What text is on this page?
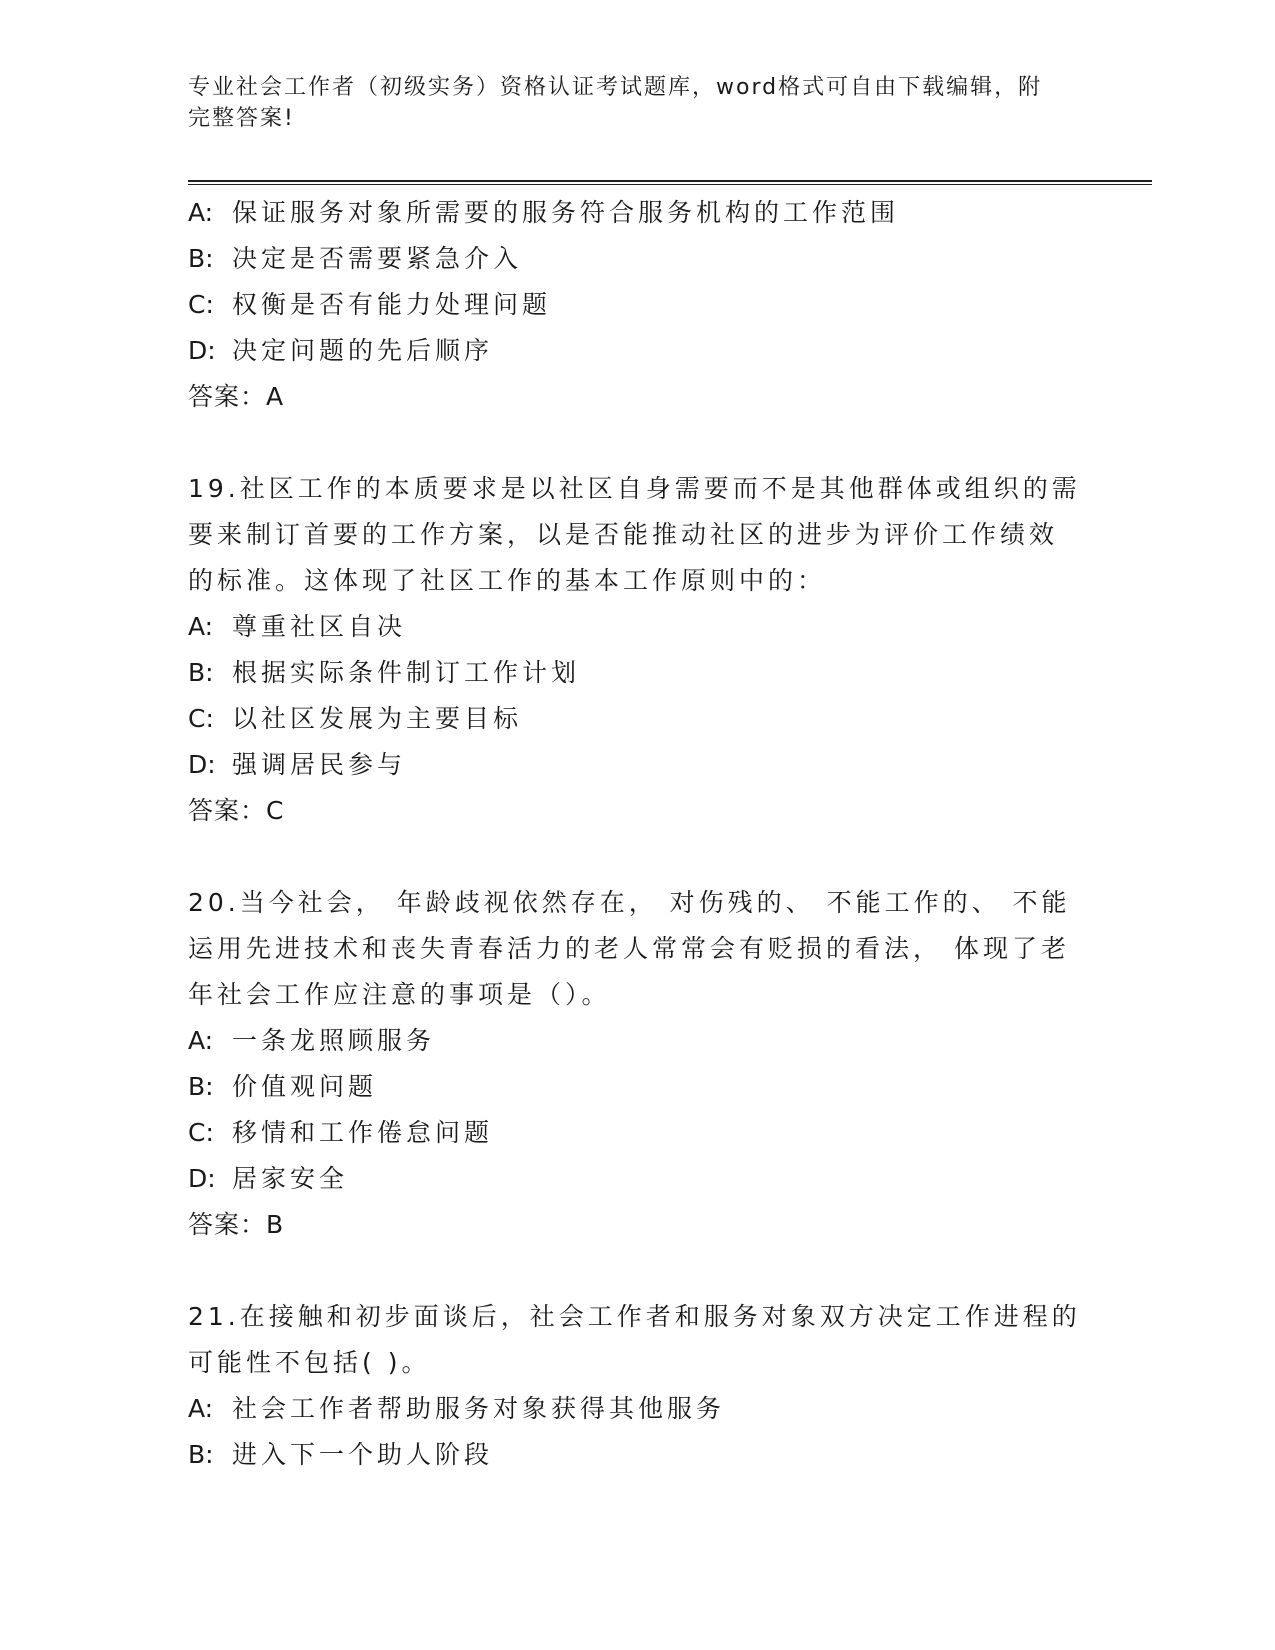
专业社会工作者（初级实务）资格认证考试题库，word格式可自由下载编辑，附
完整答案!
A: 保证服务对象所需要的服务符合服务机构的工作范围
B: 决定是否需要紧急介入
C: 权衡是否有能力处理问题
D: 决定问题的先后顺序
答案：A
19.社区工作的本质要求是以社区自身需要而不是其他群体或组织的需
要来制订首要的工作方案，以是否能推动社区的进步为评价工作绩效
的标准。这体现了社区工作的基本工作原则中的：
A: 尊重社区自决
B: 根据实际条件制订工作计划
C: 以社区发展为主要目标
D: 强调居民参与
答案：C
20.当今社会， 年龄歧视依然存在， 对伤残的、 不能工作的、 不能
运用先进技术和丧失青春活力的老人常常会有贬损的看法， 体现了老
年社会工作应注意的事项是（）。
A: 一条龙照顾服务
B: 价值观问题
C: 移情和工作倦怠问题
D: 居家安全
答案：B
21.在接触和初步面谈后，社会工作者和服务对象双方决定工作进程的
可能性不包括( )。
A: 社会工作者帮助服务对象获得其他服务
B: 进入下一个助人阶段
